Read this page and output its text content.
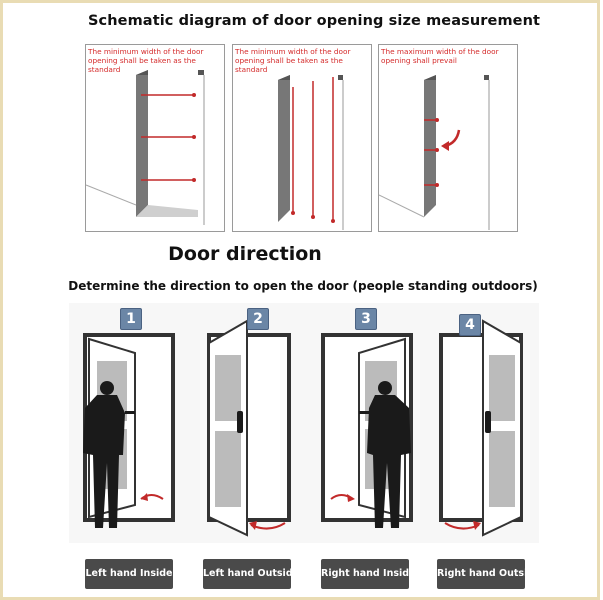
Schematic diagram of door opening size measurement
The minimum width of the door opening shall be taken as the standard
The minimum width of the door opening shall be taken as the standard
The maximum width of the door opening shall prevail
Door direction
Determine the direction to open the door (people standing outdoors)
1	2	3	4
Left hand Inside	Left hand Outside Right hand Inside Right hand Outside
